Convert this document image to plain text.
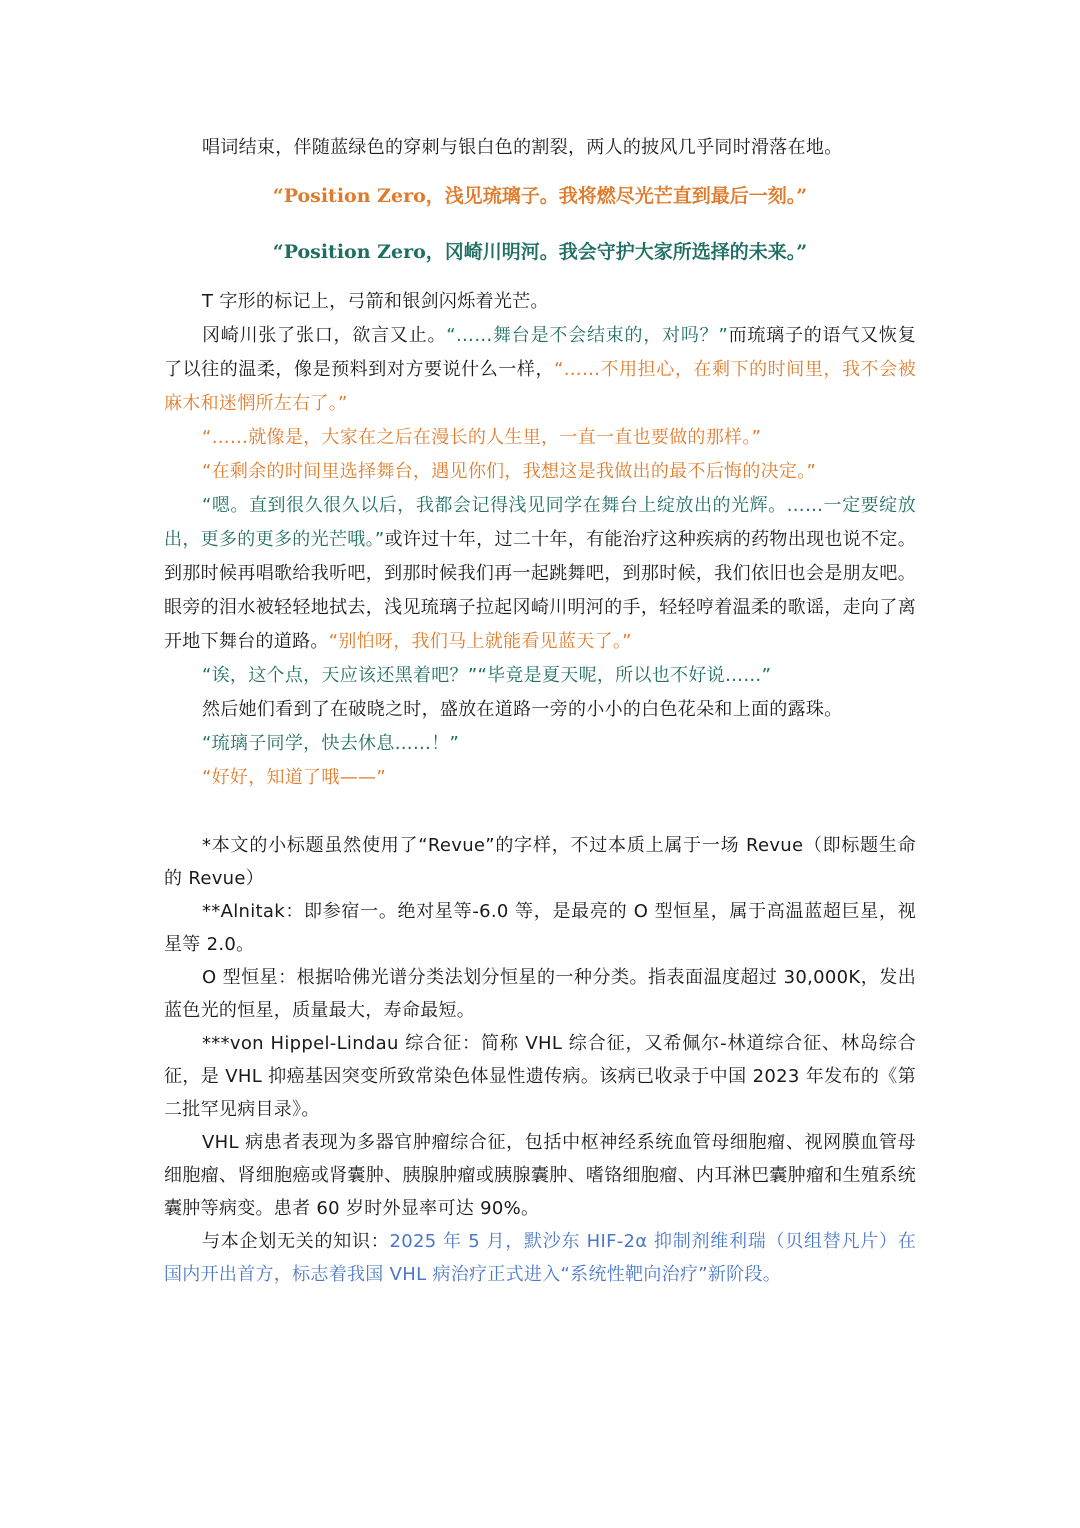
唱词结束，伴随蓝绿色的穿刺与银白色的割裂，两人的披风几乎同时滑落在地。

“Position Zero，浅见琉璃子。我将燃尽光芒直到最后一刻。”

“Position Zero，冈崎川明河。我会守护大家所选择的未来。”

T 字形的标记上，弓箭和银剑闪烁着光芒。

冈崎川张了张口，欲言又止。“……舞台是不会结束的，对吗？”而琉璃子的语气又恢复了以往的温柔，像是预料到对方要说什么一样，“……不用担心，在剩下的时间里，我不会被麻木和迷惘所左右了。”

“……就像是，大家在之后在漫长的人生里，一直一直也要做的那样。”

“在剩余的时间里选择舞台，遇见你们，我想这是我做出的最不后悔的决定。”

“嗯。直到很久很久以后，我都会记得浅见同学在舞台上绽放出的光辉。……一定要绽放出，更多的更多的光芒哦。”或许过十年，过二十年，有能治疗这种疾病的药物出现也说不定。到那时候再唱歌给我听吧，到那时候我们再一起跳舞吧，到那时候，我们依旧也会是朋友吧。眼旁的泪水被轻轻地拭去，浅见琉璃子拉起冈崎川明河的手，轻轻哼着温柔的歌谣，走向了离开地下舞台的道路。“别怕呀，我们马上就能看见蓝天了。”

“诶，这个点，天应该还黑着吧？”“毕竟是夏天呢，所以也不好说……”

然后她们看到了在破晓之时，盛放在道路一旁的小小的白色花朵和上面的露珠。

“琉璃子同学，快去休息……！”

“好好，知道了哦——”

*本文的小标题虽然使用了“Revue”的字样，不过本质上属于一场 Revue（即标题生命的 Revue）

**Alnitak：即参宿一。绝对星等-6.0 等，是最亮的 O 型恒星，属于高温蓝超巨星，视星等 2.0。

O 型恒星：根据哈佛光谱分类法划分恒星的一种分类。指表面温度超过 30,000K，发出蓝色光的恒星，质量最大，寿命最短。

***von Hippel-Lindau 综合征：简称 VHL 综合征，又希佩尔-林道综合征、林岛综合征，是 VHL 抑癌基因突变所致常染色体显性遗传病。该病已收录于中国 2023 年发布的《第二批罕见病目录》。

VHL 病患者表现为多器官肿瘤综合征，包括中枢神经系统血管母细胞瘤、视网膜血管母细胞瘤、肾细胞癌或肾囊肿、胰腺肿瘤或胰腺囊肿、嗜铬细胞瘤、内耳淋巴囊肿瘤和生殖系统囊肿等病变。患者 60 岁时外显率可达 90%。

与本企划无关的知识：2025 年 5 月，默沙东 HIF-2α 抑制剂维利瑞（贝组替凡片）在国内开出首方，标志着我国 VHL 病治疗正式进入“系统性靶向治疗”新阶段。
